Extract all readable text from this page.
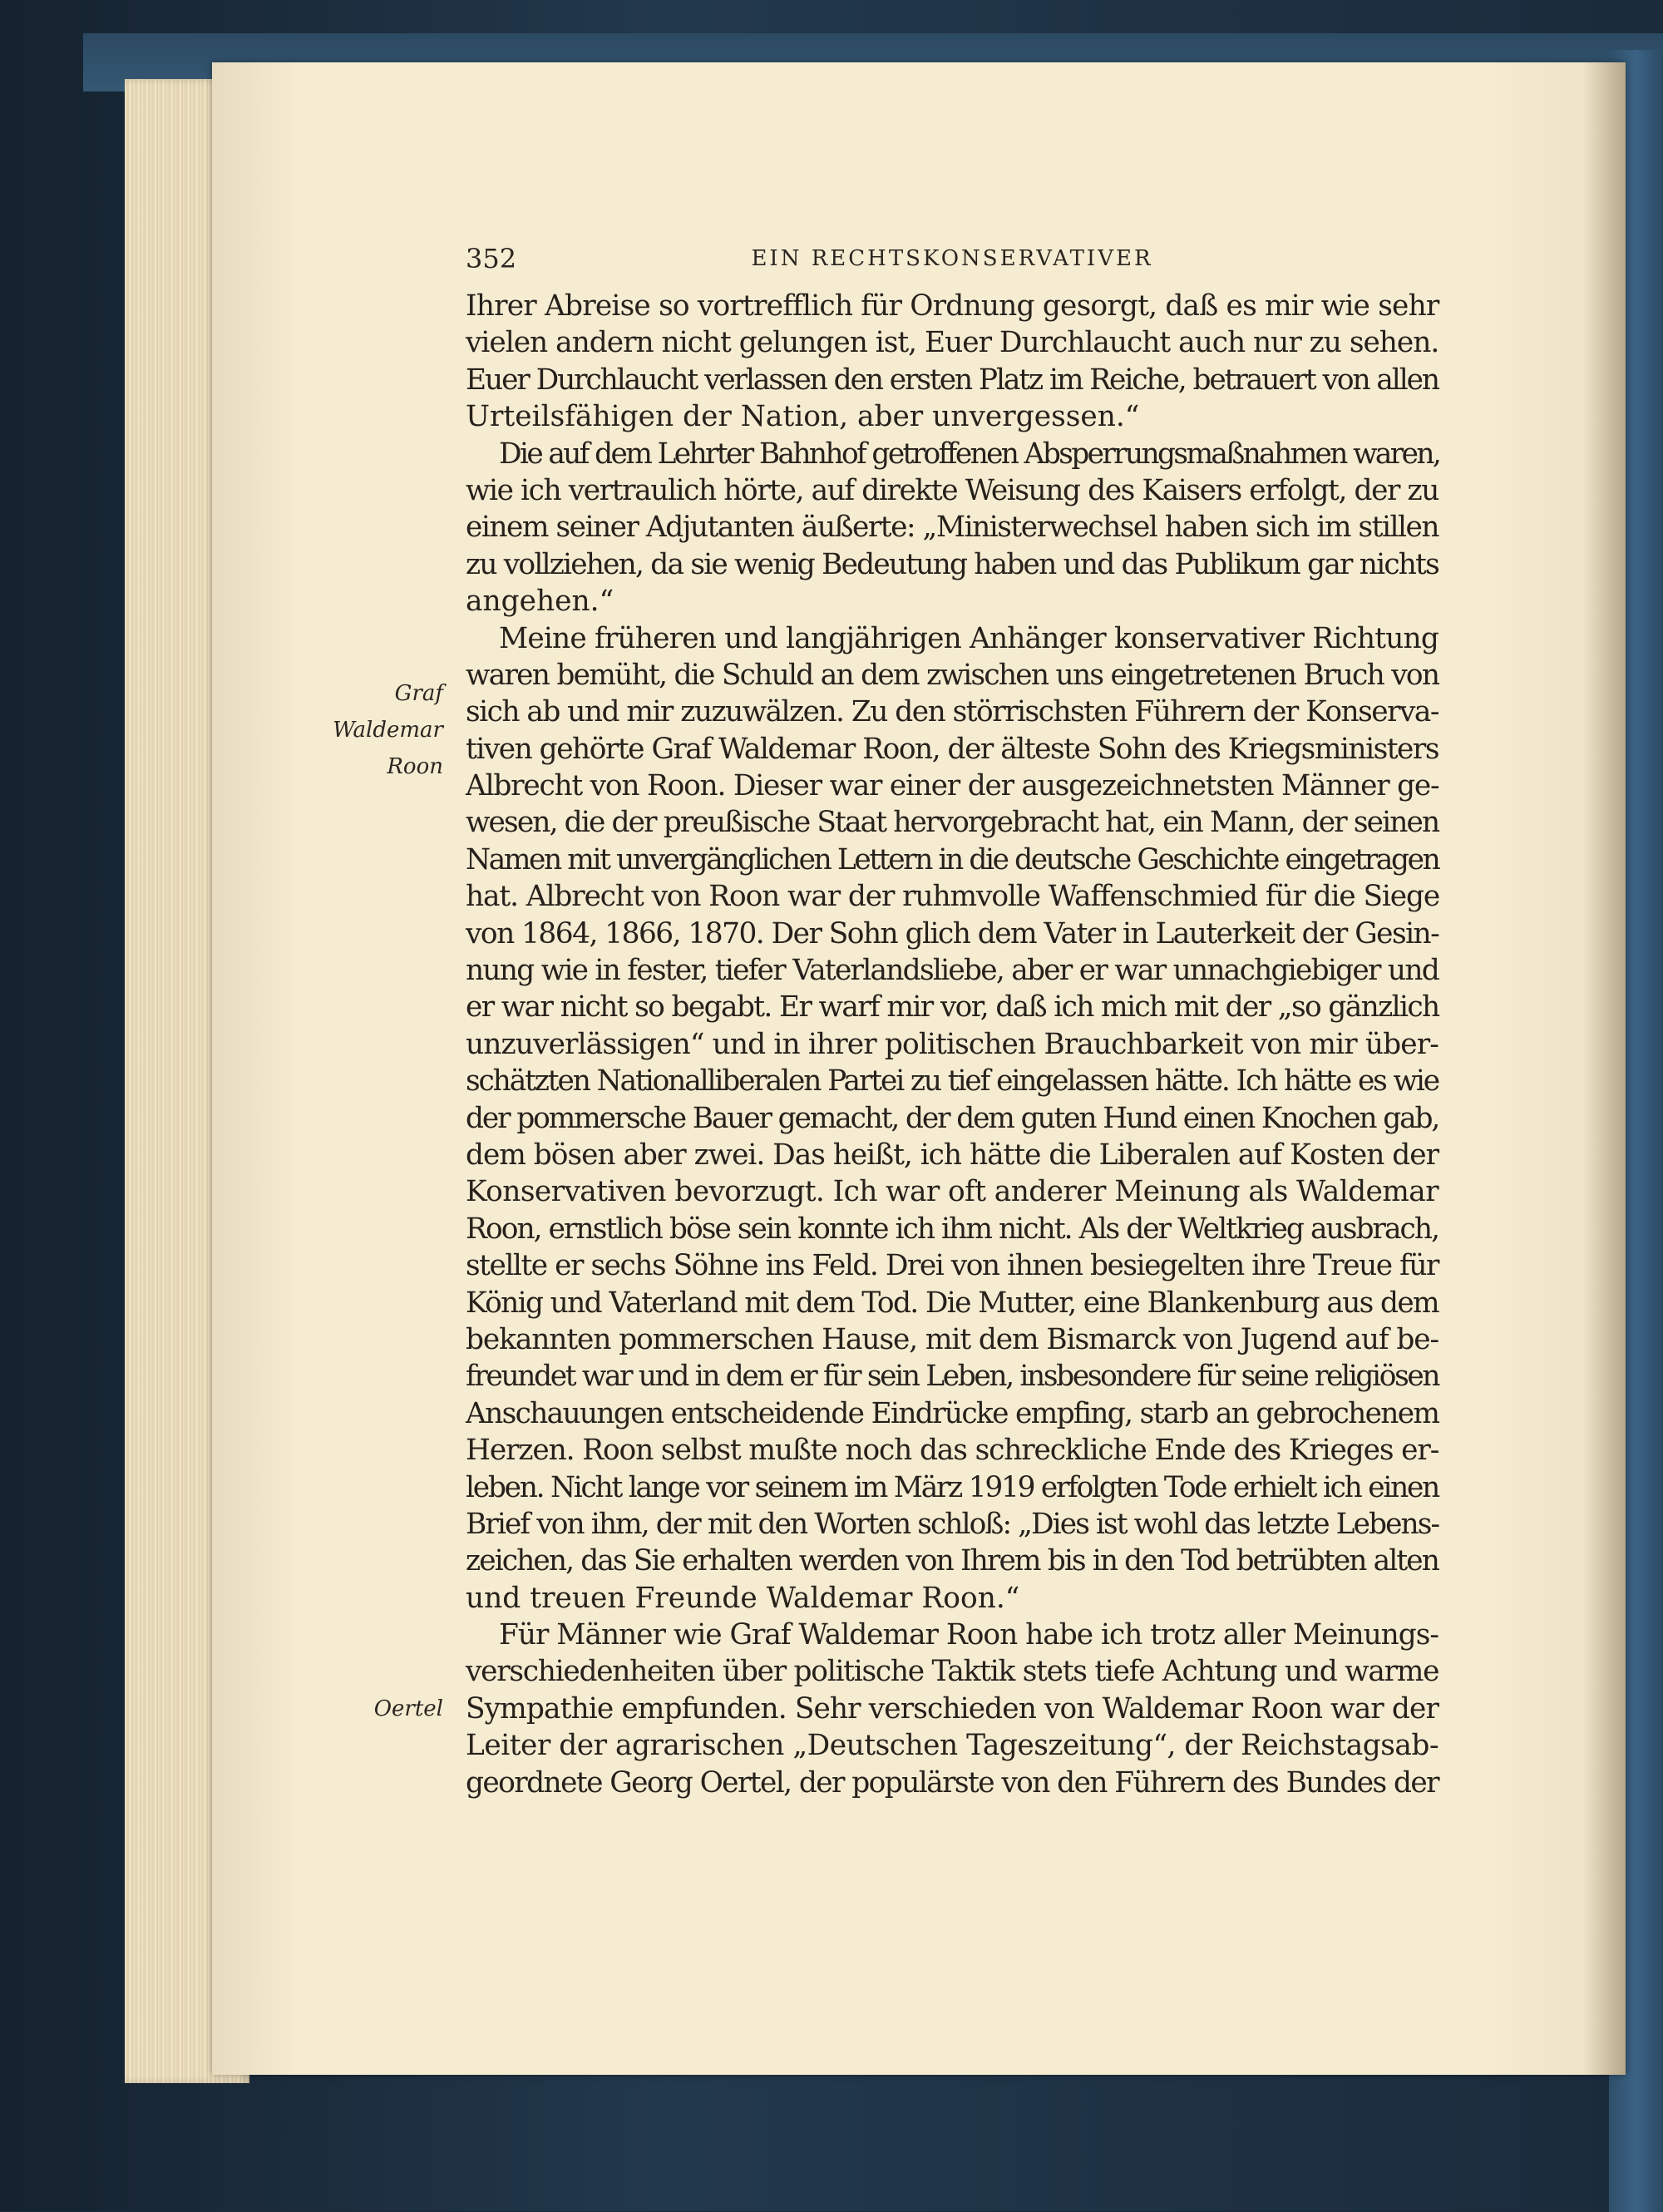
352	EIN RECHTSKONSERVATIVER
Graf
Waldemar
Roon
Oertel
Ihrer Abreise so vortrefflich für Ordnung gesorgt, daß es mir wie sehr
vielen andern nicht gelungen ist, Euer Durchlaucht auch nur zu sehen.
Euer Durchlaucht verlassen den ersten Platz im Reiche, betrauert von allen
Urteilsfähigen der Nation, aber unvergessen.“
Die auf dem Lehrter Bahnhof getroffenen Absperrungsmaßnahmen waren,
wie ich vertraulich hörte, auf direkte Weisung des Kaisers erfolgt, der zu
einem seiner Adjutanten äußerte: „Ministerwechsel haben sich im stillen
zu vollziehen, da sie wenig Bedeutung haben und das Publikum gar nichts
angehen.“
Meine früheren und langjährigen Anhänger konservativer Richtung
waren bemüht, die Schuld an dem zwischen uns eingetretenen Bruch von
sich ab und mir zuzuwälzen. Zu den störrischsten Führern der Konserva-
tiven gehörte Graf Waldemar Roon, der älteste Sohn des Kriegsministers
Albrecht von Roon. Dieser war einer der ausgezeichnetsten Männer ge-
wesen, die der preußische Staat hervorgebracht hat, ein Mann, der seinen
Namen mit unvergänglichen Lettern in die deutsche Geschichte eingetragen
hat. Albrecht von Roon war der ruhmvolle Waffenschmied für die Siege
von 1864, 1866, 1870. Der Sohn glich dem Vater in Lauterkeit der Gesin-
nung wie in fester, tiefer Vaterlandsliebe, aber er war unnachgiebiger und
er war nicht so begabt. Er warf mir vor, daß ich mich mit der „so gänzlich
unzuverlässigen“ und in ihrer politischen Brauchbarkeit von mir über-
schätzten Nationalliberalen Partei zu tief eingelassen hätte. Ich hätte es wie
der pommersche Bauer gemacht, der dem guten Hund einen Knochen gab,
dem bösen aber zwei. Das heißt, ich hätte die Liberalen auf Kosten der
Konservativen bevorzugt. Ich war oft anderer Meinung als Waldemar
Roon, ernstlich böse sein konnte ich ihm nicht. Als der Weltkrieg ausbrach,
stellte er sechs Söhne ins Feld. Drei von ihnen besiegelten ihre Treue für
König und Vaterland mit dem Tod. Die Mutter, eine Blankenburg aus dem
bekannten pommerschen Hause, mit dem Bismarck von Jugend auf be-
freundet war und in dem er für sein Leben, insbesondere für seine religiösen
Anschauungen entscheidende Eindrücke empfing, starb an gebrochenem
Herzen. Roon selbst mußte noch das schreckliche Ende des Krieges er-
leben. Nicht lange vor seinem im März 1919 erfolgten Tode erhielt ich einen
Brief von ihm, der mit den Worten schloß: „Dies ist wohl das letzte Lebens-
zeichen, das Sie erhalten werden von Ihrem bis in den Tod betrübten alten
und treuen Freunde Waldemar Roon.“
Für Männer wie Graf Waldemar Roon habe ich trotz aller Meinungs-
verschiedenheiten über politische Taktik stets tiefe Achtung und warme
Sympathie empfunden. Sehr verschieden von Waldemar Roon war der
Leiter der agrarischen „Deutschen Tageszeitung“, der Reichstagsab-
geordnete Georg Oertel, der populärste von den Führern des Bundes der
